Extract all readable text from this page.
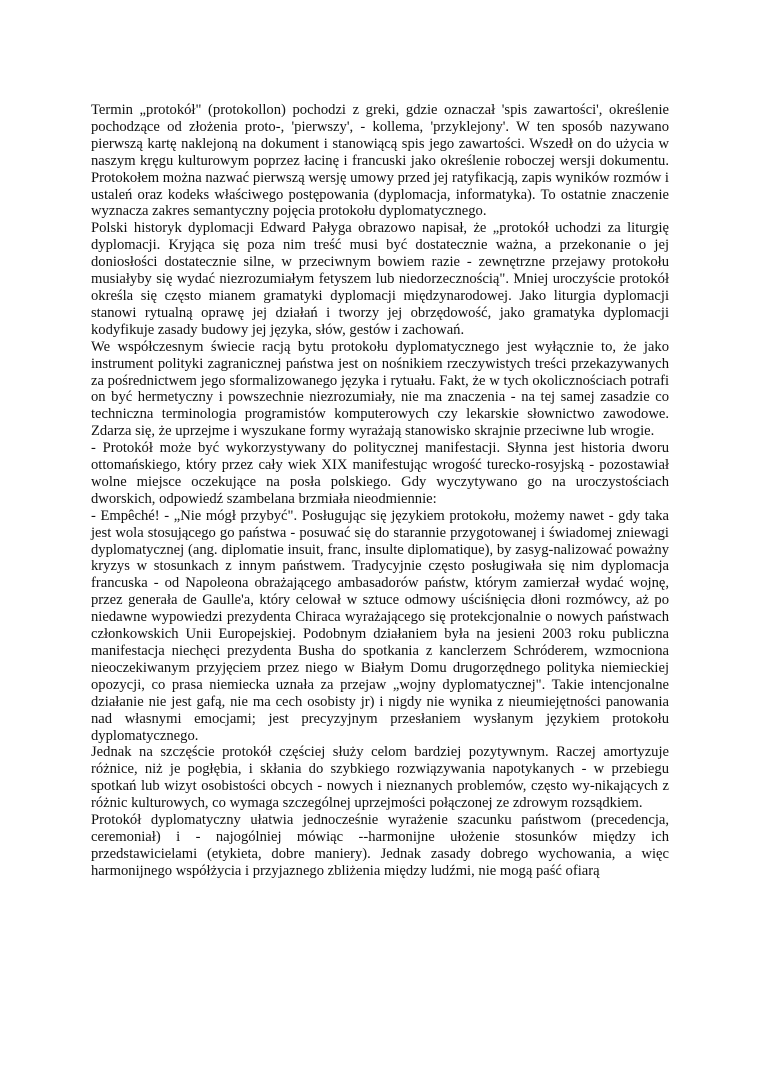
Termin „protokół" (protokollon) pochodzi z greki, gdzie oznaczał 'spis zawartości', określenie pochodzące od złożenia proto-, 'pierwszy', - kollema, 'przyklejony'. W ten sposób nazywano pierwszą kartę naklejoną na dokument i stanowiącą spis jego zawartości. Wszedł on do użycia w naszym kręgu kulturowym poprzez łacinę i francuski jako określenie roboczej wersji dokumentu. Protokołem można nazwać pierwszą wersję umowy przed jej ratyfikacją, zapis wyników rozmów i ustaleń oraz kodeks właściwego postępowania (dyplomacja, informatyka). To ostatnie znaczenie wyznacza zakres semantyczny pojęcia protokołu dyplomatycznego.

Polski historyk dyplomacji Edward Pałyga obrazowo napisał, że „protokół uchodzi za liturgię dyplomacji. Kryjąca się poza nim treść musi być dostatecznie ważna, a przekonanie o jej doniosłości dostatecznie silne, w przeciwnym bowiem razie - zewnętrzne przejawy protokołu musiałyby się wydać niezrozumiałym fetyszem lub niedorzecznością". Mniej uroczyście protokół określa się często mianem gramatyki dyplomacji międzynarodowej. Jako liturgia dyplomacji stanowi rytualną oprawę jej działań i tworzy jej obrzędowość, jako gramatyka dyplomacji kodyfikuje zasady budowy jej języka, słów, gestów i zachowań.

We współczesnym świecie racją bytu protokołu dyplomatycznego jest wyłącznie to, że jako instrument polityki zagranicznej państwa jest on nośnikiem rzeczywistych treści przekazywanych za pośrednictwem jego sformalizowanego języka i rytuału. Fakt, że w tych okolicznościach potrafi on być hermetyczny i powszechnie niezrozumiały, nie ma znaczenia - na tej samej zasadzie co techniczna terminologia programistów komputerowych czy lekarskie słownictwo zawodowe. Zdarza się, że uprzejme i wyszukane formy wyrażają stanowisko skrajnie przeciwne lub wrogie.

- Protokół może być wykorzystywany do politycznej manifestacji. Słynna jest historia dworu ottomańskiego, który przez cały wiek XIX manifestując wrogość turecko-rosyjską - pozostawiał wolne miejsce oczekujące na posła polskiego. Gdy wyczytywano go na uroczystościach dworskich, odpowiedź szambelana brzmiała nieodmiennie:

- Empêché! - „Nie mógł przybyć". Posługując się językiem protokołu, możemy nawet - gdy taka jest wola stosującego go państwa - posuwać się do starannie przygotowanej i świadomej zniewagi dyplomatycznej (ang. diplomatie insuit, franc, insulte diplomatique), by zasyg-nalizować poważny kryzys w stosunkach z innym państwem. Tradycyjnie często posługiwała się nim dyplomacja francuska - od Napoleona obrażającego ambasadorów państw, którym zamierzał wydać wojnę, przez generała de Gaulle'a, który celował w sztuce odmowy uściśnięcia dłoni rozmówcy, aż po niedawne wypowiedzi prezydenta Chiraca wyrażającego się protekcjonalnie o nowych państwach członkowskich Unii Europejskiej. Podobnym działaniem była na jesieni 2003 roku publiczna manifestacja niechęci prezydenta Busha do spotkania z kanclerzem Schróderem, wzmocniona nieoczekiwanym przyjęciem przez niego w Białym Domu drugorzędnego polityka niemieckiej opozycji, co prasa niemiecka uznała za przejaw „wojny dyplomatycznej". Takie intencjonalne działanie nie jest gafą, nie ma cech osobisty jr) i nigdy nie wynika z nieumiejętności panowania nad własnymi emocjami; jest precyzyjnym przesłaniem wysłanym językiem protokołu dyplomatycznego.

Jednak na szczęście protokół częściej służy celom bardziej pozytywnym. Raczej amortyzuje różnice, niż je pogłębia, i skłania do szybkiego rozwiązywania napotykanych - w przebiegu spotkań lub wizyt osobistości obcych - nowych i nieznanych problemów, często wy-nikających z różnic kulturowych, co wymaga szczególnej uprzejmości połączonej ze zdrowym rozsądkiem.

Protokół dyplomatyczny ułatwia jednocześnie wyrażenie szacunku państwom (precedencja, ceremoniał) i - najogólniej mówiąc --harmonijne ułożenie stosunków między ich przedstawicielami (etykieta, dobre maniery). Jednak zasady dobrego wychowania, a więc harmonijnego współżycia i przyjaznego zbliżenia między ludźmi, nie mogą paść ofiarą
